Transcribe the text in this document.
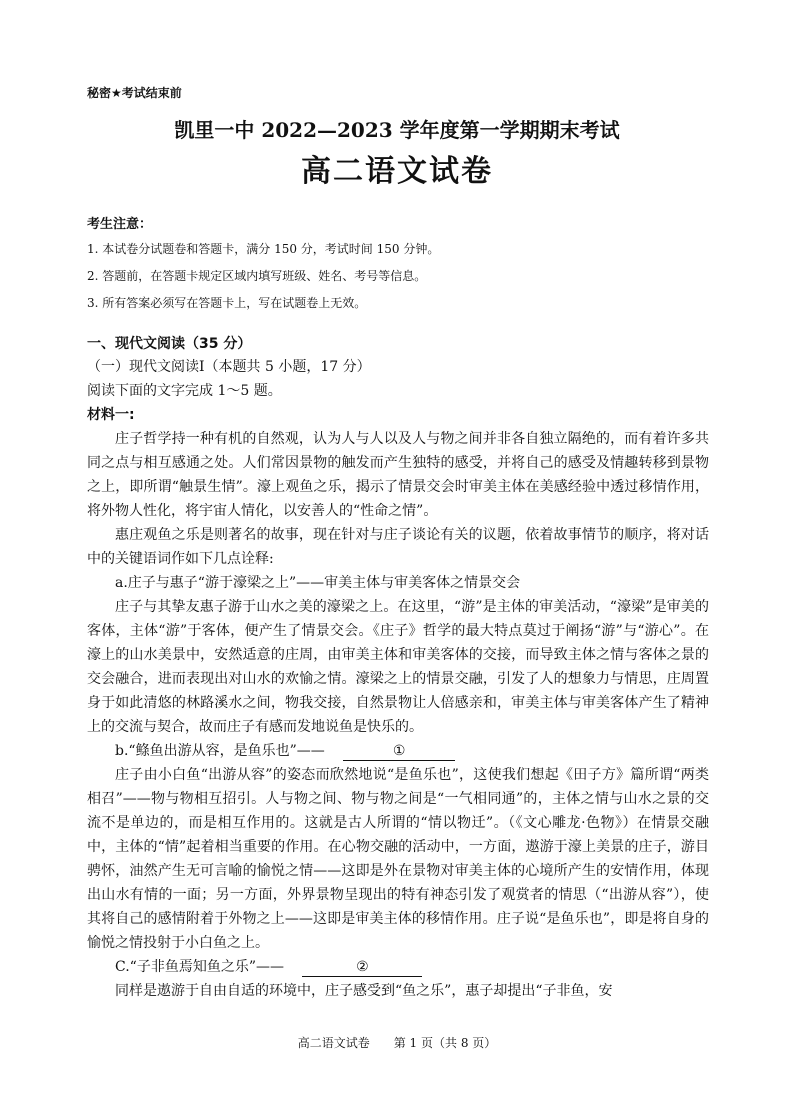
秘密★考试结束前
凯里一中 2022—2023 学年度第一学期期末考试
高二语文试卷
考生注意：
1. 本试卷分试题卷和答题卡，满分 150 分，考试时间 150 分钟。
2. 答题前，在答题卡规定区域内填写班级、姓名、考号等信息。
3. 所有答案必须写在答题卡上，写在试题卷上无效。
一、现代文阅读（35 分）
（一）现代文阅读Ⅰ（本题共 5 小题，17 分）
阅读下面的文字完成 1～5 题。
材料一:
庄子哲学持一种有机的自然观，认为人与人以及人与物之间并非各自独立隔绝的，而有着许多共同之点与相互感通之处。人们常因景物的触发而产生独特的感受，并将自己的感受及情趣转移到景物之上，即所谓“触景生情”。濠上观鱼之乐，揭示了情景交会时审美主体在美感经验中透过移情作用，将外物人性化，将宇宙人情化，以安善人的“性命之情”。
惠庄观鱼之乐是则著名的故事，现在针对与庄子谈论有关的议题，依着故事情节的顺序，将对话中的关键语词作如下几点诠释:
a.庄子与惠子“游于濠梁之上”——审美主体与审美客体之情景交会
庄子与其挚友惠子游于山水之美的濠梁之上。在这里，“游”是主体的审美活动，“濠梁”是审美的客体，主体“游”于客体，便产生了情景交会。《庄子》哲学的最大特点莫过于阐扬“游”与“游心”。在濠上的山水美景中，安然适意的庄周，由审美主体和审美客体的交接，而导致主体之情与客体之景的交会融合，进而表现出对山水的欢愉之情。濠梁之上的情景交融，引发了人的想象力与情思，庄周置身于如此清悠的林路溪水之间，物我交接，自然景物让人倍感亲和，审美主体与审美客体产生了精神上的交流与契合，故而庄子有感而发地说鱼是快乐的。
b.“鲦鱼出游从容，是鱼乐也”——	①
庄子由小白鱼“出游从容”的姿态而欣然地说“是鱼乐也”，这使我们想起《田子方》篇所谓“两类相召”——物与物相互招引。人与物之间、物与物之间是“一气相同通”的，主体之情与山水之景的交流不是单边的，而是相互作用的。这就是古人所谓的“情以物迁”。（《文心雕龙·色物》）在情景交融中，主体的“情”起着相当重要的作用。在心物交融的活动中，一方面，遨游于濠上美景的庄子，游目骋怀，油然产生无可言喻的愉悦之情——这即是外在景物对审美主体的心境所产生的安情作用，体现出山水有情的一面；另一方面，外界景物呈现出的特有神态引发了观赏者的情思（“出游从容”），使其将自己的感情附着于外物之上——这即是审美主体的移情作用。庄子说“是鱼乐也”，即是将自身的愉悦之情投射于小白鱼之上。
C.“子非鱼焉知鱼之乐”——	②
同样是遨游于自由自适的环境中，庄子感受到“鱼之乐”，惠子却提出“子非鱼，安
高二语文试卷　　第 1 页（共 8 页）
